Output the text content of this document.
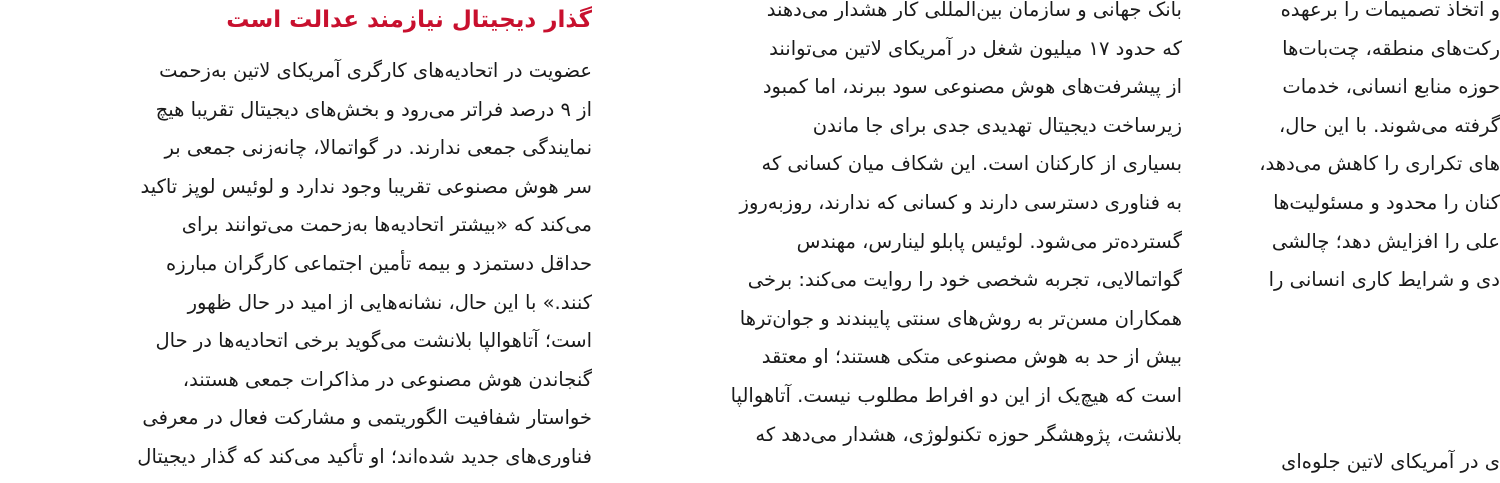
گذار دیجیتال نیازمند عدالت است
عضویت در اتحادیه‌های کارگری آمریکای لاتین به‌زحمت
از ۹ درصد فراتر می‌رود و بخش‌های دیجیتال تقریبا هیچ
نمایندگی جمعی ندارند. در گواتمالا، چانه‌زنی جمعی بر
سر هوش مصنوعی تقریبا وجود ندارد و لوئیس لوپز تاکید
می‌کند که «بیشتر اتحادیه‌ها به‌زحمت می‌توانند برای
حداقل دستمزد و بیمه تأمین اجتماعی کارگران مبارزه
کنند.» با این حال، نشانه‌هایی از امید در حال ظهور
است؛ آتاهوالپا بلانشت می‌گوید برخی اتحادیه‌ها در حال
گنجاندن هوش مصنوعی در مذاکرات جمعی هستند،
خواستار شفافیت الگوریتمی و مشارکت فعال در معرفی
فناوری‌های جدید شده‌اند؛ او تأکید می‌کند که گذار دیجیتال
بانک جهانی و سازمان بین‌المللی کار هشدار می‌دهند
که حدود ۱۷ میلیون شغل در آمریکای لاتین می‌توانند
از پیشرفت‌های هوش مصنوعی سود ببرند، اما کمبود
زیرساخت دیجیتال تهدیدی جدی برای جا ماندن
بسیاری از کارکنان است. این شکاف میان کسانی که
به فناوری دسترسی دارند و کسانی که ندارند، روزبه‌روز
گسترده‌تر می‌شود. لوئیس پابلو لینارس، مهندس
گواتمالایی، تجربه شخصی خود را روایت می‌کند: برخی
همکاران مسن‌تر به روش‌های سنتی پایبندند و جوان‌ترها
بیش از حد به هوش مصنوعی متکی هستند؛ او معتقد
است که هیچ‌یک از این دو افراط مطلوب نیست. آتاهوالپا
بلانشت، پژوهشگر حوزه تکنولوژی، هشدار می‌دهد که
و اتخاذ تصمیمات را برعهده
رکت‌های منطقه، چت‌بات‌ها
حوزه منابع انسانی، خدمات
گرفته می‌شوند. با این حال،
های تکراری را کاهش می‌دهد،
کنان را محدود و مسئولیت‌ها
علی را افزایش دهد؛ چالشی
دی و شرایط کاری انسانی را
ی در آمریکای لاتین جلوه‌ای
